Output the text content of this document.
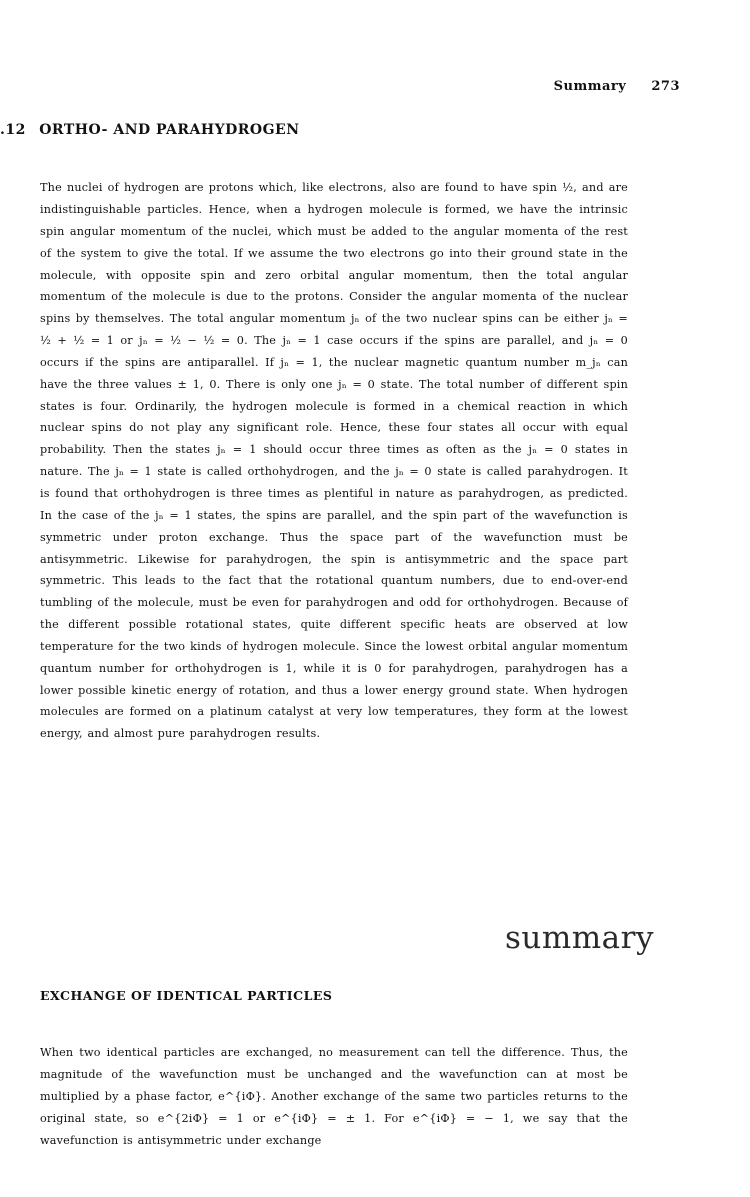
Summary 273
.12 ORTHO- AND PARAHYDROGEN

The nuclei of hydrogen are protons which, like electrons, also are found to have spin ½, and are indistinguishable particles. Hence, when a hydrogen molecule is formed, we have the intrinsic spin angular momentum of the nuclei, which must be added to the angular momenta of the rest of the system to give the total. If we assume the two electrons go into their ground state in the molecule, with opposite spin and zero orbital angular momentum, then the total angular momentum of the molecule is due to the protons. Consider the angular momenta of the nuclear spins by themselves. The total angular momentum jₙ of the two nuclear spins can be either jₙ = ½ + ½ = 1 or jₙ = ½ − ½ = 0. The jₙ = 1 case occurs if the spins are parallel, and jₙ = 0 occurs if the spins are antiparallel. If jₙ = 1, the nuclear magnetic quantum number m_jₙ can have the three values ± 1, 0. There is only one jₙ = 0 state. The total number of different spin states is four. Ordinarily, the hydrogen molecule is formed in a chemical reaction in which nuclear spins do not play any significant role. Hence, these four states all occur with equal probability. Then the states jₙ = 1 should occur three times as often as the jₙ = 0 states in nature. The jₙ = 1 state is called orthohydrogen, and the jₙ = 0 state is called parahydrogen. It is found that orthohydrogen is three times as plentiful in nature as parahydrogen, as predicted. In the case of the jₙ = 1 states, the spins are parallel, and the spin part of the wavefunction is symmetric under proton exchange. Thus the space part of the wavefunction must be antisymmetric. Likewise for parahydrogen, the spin is antisymmetric and the space part symmetric. This leads to the fact that the rotational quantum numbers, due to end-over-end tumbling of the molecule, must be even for parahydrogen and odd for orthohydrogen. Because of the different possible rotational states, quite different specific heats are observed at low temperature for the two kinds of hydrogen molecule. Since the lowest orbital angular momentum quantum number for orthohydrogen is 1, while it is 0 for parahydrogen, parahydrogen has a lower possible kinetic energy of rotation, and thus a lower energy ground state. When hydrogen molecules are formed on a platinum catalyst at very low temperatures, they form at the lowest energy, and almost pure parahydrogen results.

summary
EXCHANGE OF IDENTICAL PARTICLES

When two identical particles are exchanged, no measurement can tell the difference. Thus, the magnitude of the wavefunction must be unchanged and the wavefunction can at most be multiplied by a phase factor, e^{iΦ}. Another exchange of the same two particles returns to the original state, so e^{2iΦ} = 1 or e^{iΦ} = ± 1. For e^{iΦ} = − 1, we say that the wavefunction is antisymmetric under exchange
